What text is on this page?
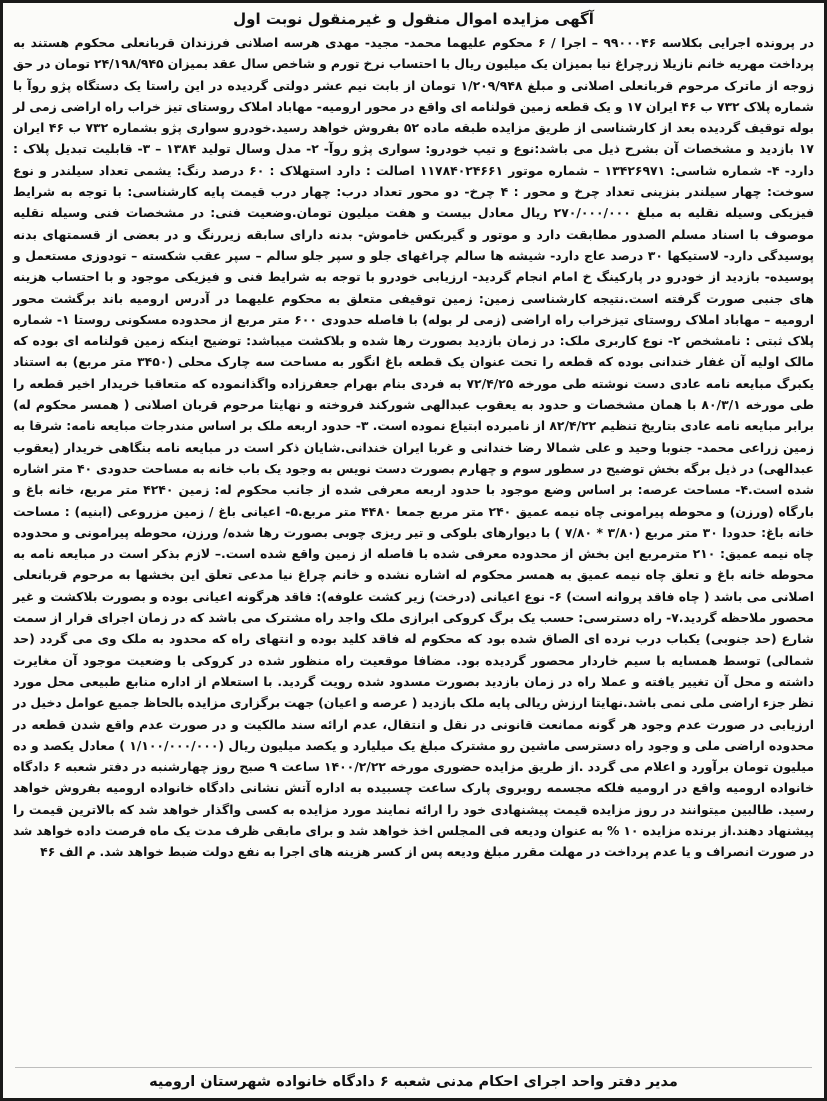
آگهی مزایده اموال منقول و غیرمنقول نوبت اول

در پرونده اجرایی بکلاسه ۹۹۰۰۰۴۶ – اجرا / ۶ محکوم علیهما محمد- مجید- مهدی هرسه اصلانی فرزندان قربانعلی محکوم هستند به پرداخت مهریه خانم نازیلا زرچراغ نیا بمیزان یک میلیون ریال با احتساب نرخ تورم و شاخص سال عقد بمیزان ۲۴/۱۹۸/۹۴۵ تومان در حق زوجه از ماترک مرحوم قربانعلی اصلانی و مبلغ ۱/۲۰۹/۹۴۸ تومان از بابت نیم عشر دولتی گردیده در این راستا یک دستگاه پژو روآ با شماره پلاک ۷۳۲ ب ۴۶ ایران ۱۷ و یک قطعه زمین قولنامه ای واقع در محور ارومیه- مهاباد املاک روستای تیز خراب راه اراضی زمی لر بوله توقیف گردیده بعد از کارشناسی از طریق مزایده طبقه ماده ۵۲ بفروش خواهد رسید.خودرو سواری پژو بشماره ۷۳۲ ب ۴۶ ایران ۱۷ بازدید و مشخصات آن بشرح ذیل می باشد:نوع و تیپ خودرو: سواری پژو روآ- ۲- مدل وسال تولید ۱۳۸۴ – ۳- قابلیت تبدیل پلاک : دارد- ۴- شماره شاسی: ۱۳۴۲۶۹۷۱ – شماره موتور ۱۱۷۸۴۰۲۴۶۶۱ اصالت : دارد استهلاک : ۶۰ درصد رنگ: یشمی تعداد سیلندر و نوع سوخت: چهار سیلندر بنزینی تعداد چرخ و محور : ۴ چرخ- دو محور تعداد درب: چهار درب قیمت پایه کارشناسی: با توجه به شرایط فیزیکی وسیله نقلیه به مبلغ ۲۷۰/۰۰۰/۰۰۰ ریال معادل بیست و هفت میلیون تومان.وضعیت فنی: در مشخصات فنی وسیله نقلیه موصوف با اسناد مسلم الصدور مطابقت دارد و موتور و گیربکس خاموش- بدنه دارای سابقه زیررنگ و در بعضی از قسمتهای بدنه پوسیدگی دارد- لاستیکها ۳۰ درصد عاج دارد- شیشه ها سالم چراغهای جلو و سپر جلو سالم – سپر عقب شکسته – تودوزی مستعمل و پوسیده- بازدید از خودرو در پارکینگ خ امام انجام گردید- ارزیابی خودرو با توجه به شرایط فنی و فیزیکی موجود و با احتساب هزینه های جنبی صورت گرفته است.نتیجه کارشناسی زمین: زمین توقیفی متعلق به محکوم علیهما در آدرس ارومیه باند برگشت محور ارومیه – مهاباد املاک روستای تیزخراب راه اراضی (زمی لر بوله) با فاصله حدودی ۶۰۰ متر مربع از محدوده مسکونی روستا ۱- شماره پلاک ثبتی : نامشخص ۲- نوع کاربری ملک: در زمان بازدید بصورت رها شده و بلاکشت میباشد: توضیح اینکه زمین قولنامه ای بوده که مالک اولیه آن غفار خندانی بوده که قطعه را تحت عنوان یک قطعه باغ انگور به مساحت سه چارک محلی (۳۴۵۰ متر مربع) به استناد یکبرگ مبایعه نامه عادی دست نوشته طی مورخه ۷۲/۴/۲۵ به فردی بنام بهرام جعفرزاده واگذانموده که متعاقبا خریدار اخیر قطعه را طی مورخه ۸۰/۳/۱ با همان مشخصات و حدود به یعقوب عبدالهی شورکند فروخته و نهایتا مرحوم قربان اصلانی ( همسر محکوم له) برابر مبایعه نامه عادی بتاریخ تنظیم ۸۲/۴/۲۲ از نامبرده ابتیاع نموده است. ۳- حدود اربعه ملک بر اساس مندرجات مبایعه نامه: شرقا به زمین زراعی محمد- جنوبا وحید و علی شمالا رضا خندانی و غربا ایران خندانی.شایان ذکر است در مبایعه نامه بنگاهی خریدار (یعقوب عبدالهی) در ذیل برگه بخش توضیح در سطور سوم و چهارم بصورت دست نویس به وجود یک باب خانه به مساحت حدودی ۴۰ متر اشاره شده است.۴- مساحت عرصه: بر اساس وضع موجود با حدود اربعه معرفی شده از جانب محکوم له: زمین ۴۲۴۰ متر مربع، خانه باغ و بارگاه (ورزن) و محوطه پیرامونی چاه نیمه عمیق ۲۴۰ متر مربع جمعا ۴۴۸۰ متر مربع.۵- اعیانی باغ / زمین مزروعی (ابنیه) : مساحت خانه باغ: حدودا ۳۰ متر مربع (۳/۸۰ * ۷/۸۰ ) با دیوارهای بلوکی و تیر ریزی چوبی بصورت رها شده/ ورزن، محوطه پیرامونی و محدوده چاه نیمه عمیق: ۲۱۰ مترمربع این بخش از محدوده معرفی شده با فاصله از زمین واقع شده است.– لازم بذکر است در مبایعه نامه به محوطه خانه باغ و تعلق چاه نیمه عمیق به همسر محکوم له اشاره نشده و خانم چراغ نیا مدعی تعلق این بخشها به مرحوم قربانعلی اصلانی می باشد ( چاه فاقد پروانه است) ۶- نوع اعیانی (درخت) زیر کشت علوفه): فاقد هرگونه اعیانی بوده و بصورت بلاکشت و غیر محصور ملاحظه گردید.۷- راه دسترسی: حسب یک برگ کروکی ابرازی ملک واجد راه مشترک می باشد که در زمان اجرای قرار از سمت شارع (حد جنوبی) یکباب درب نرده ای الصاق شده بود که محکوم له فاقد کلید بوده و انتهای راه که محدود به ملک وی می گردد (حد شمالی) توسط همسایه با سیم خاردار محصور گردیده بود. مضافا موقعیت راه منظور شده در کروکی با وضعیت موجود آن مغایرت داشته و محل آن تغییر یافته و عملا راه در زمان بازدید بصورت مسدود شده رویت گردید. با استعلام از اداره منابع طبیعی محل مورد نظر جزء اراضی ملی نمی باشد.نهایتا ارزش ریالی پایه ملک بازدید ( عرصه و اعیان) جهت برگزاری مزایده بالحاظ جمیع عوامل دخیل در ارزیابی در صورت عدم وجود هر گونه ممانعت قانونی در نقل و انتقال، عدم ارائه سند مالکیت و در صورت عدم واقع شدن قطعه در محدوده اراضی ملی و وجود راه دسترسی ماشین رو مشترک مبلغ یک میلیارد و یکصد میلیون ریال (۱/۱۰۰/۰۰۰/۰۰۰ ) معادل یکصد و ده میلیون تومان برآورد و اعلام می گردد .از طریق مزایده حضوری مورخه ۱۴۰۰/۲/۲۲ ساعت ۹ صبح روز چهارشنبه در دفتر شعبه ۶ دادگاه خانواده ارومیه واقع در ارومیه فلکه مجسمه روبروی پارک ساعت چسبیده به اداره آتش نشانی دادگاه خانواده ارومیه بفروش خواهد رسید. طالبین میتوانند در روز مزایده قیمت پیشنهادی خود را ارائه نمایند مورد مزایده به کسی واگذار خواهد شد که بالاترین قیمت را پیشنهاد دهند.از برنده مزایده ۱۰ % به عنوان ودیعه فی المجلس اخذ خواهد شد و برای مابقی ظرف مدت یک ماه فرصت داده خواهد شد در صورت انصراف و یا عدم پرداخت در مهلت مقرر مبلغ ودیعه پس از کسر هزینه های اجرا به نفع دولت ضبط خواهد شد. م الف ۴۶

مدیر دفتر واحد اجرای احکام مدنی شعبه ۶ دادگاه خانواده شهرستان ارومیه
